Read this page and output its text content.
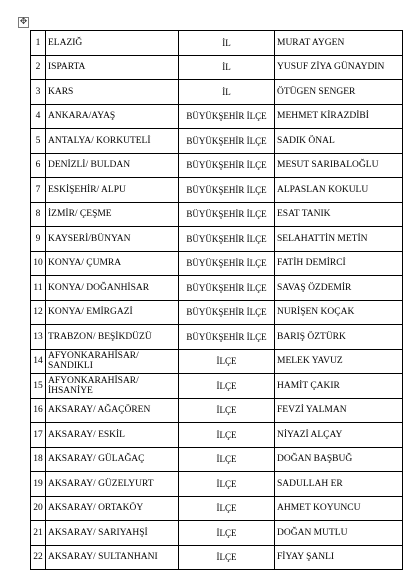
✥
1	ELAZIĞ	İL	MURAT AYGEN
2	ISPARTA	İL	YUSUF ZİYA GÜNAYDIN
3	KARS	İL	ÖTÜGEN SENGER
4	ANKARA/AYAŞ	BÜYÜKŞEHİR İLÇE	MEHMET KİRAZDİBİ
5	ANTALYA/ KORKUTELİ	BÜYÜKŞEHİR İLÇE	SADIK ÖNAL
6	DENİZLİ/ BULDAN	BÜYÜKŞEHİR İLÇE	MESUT SARIBALOĞLU
7	ESKİŞEHİR/ ALPU	BÜYÜKŞEHİR İLÇE	ALPASLAN KOKULU
8	İZMİR/ ÇEŞME	BÜYÜKŞEHİR İLÇE	ESAT TANIK
9	KAYSERİ/BÜNYAN	BÜYÜKŞEHİR İLÇE	SELAHATTİN METİN
10	KONYA/ ÇUMRA	BÜYÜKŞEHİR İLÇE	FATİH DEMİRCİ
11	KONYA/ DOĞANHİSAR	BÜYÜKŞEHİR İLÇE	SAVAŞ ÖZDEMİR
12	KONYA/ EMİRGAZİ	BÜYÜKŞEHİR İLÇE	NURİŞEN KOÇAK
13	TRABZON/ BEŞİKDÜZÜ	BÜYÜKŞEHİR İLÇE	BARIŞ ÖZTÜRK
14	AFYONKARAHİSAR/ SANDIKLI	İLÇE	MELEK YAVUZ
15	AFYONKARAHİSAR/ İHSANİYE	İLÇE	HAMİT ÇAKIR
16	AKSARAY/ AĞAÇÖREN	İLÇE	FEVZİ YALMAN
17	AKSARAY/ ESKİL	İLÇE	NİYAZİ ALÇAY
18	AKSARAY/ GÜLAĞAÇ	İLÇE	DOĞAN BAŞBUĞ
19	AKSARAY/ GÜZELYURT	İLÇE	SADULLAH ER
20	AKSARAY/ ORTAKÖY	İLÇE	AHMET KOYUNCU
21	AKSARAY/ SARIYAHŞİ	İLÇE	DOĞAN MUTLU
22	AKSARAY/ SULTANHANI	İLÇE	FİYAY ŞANLI
